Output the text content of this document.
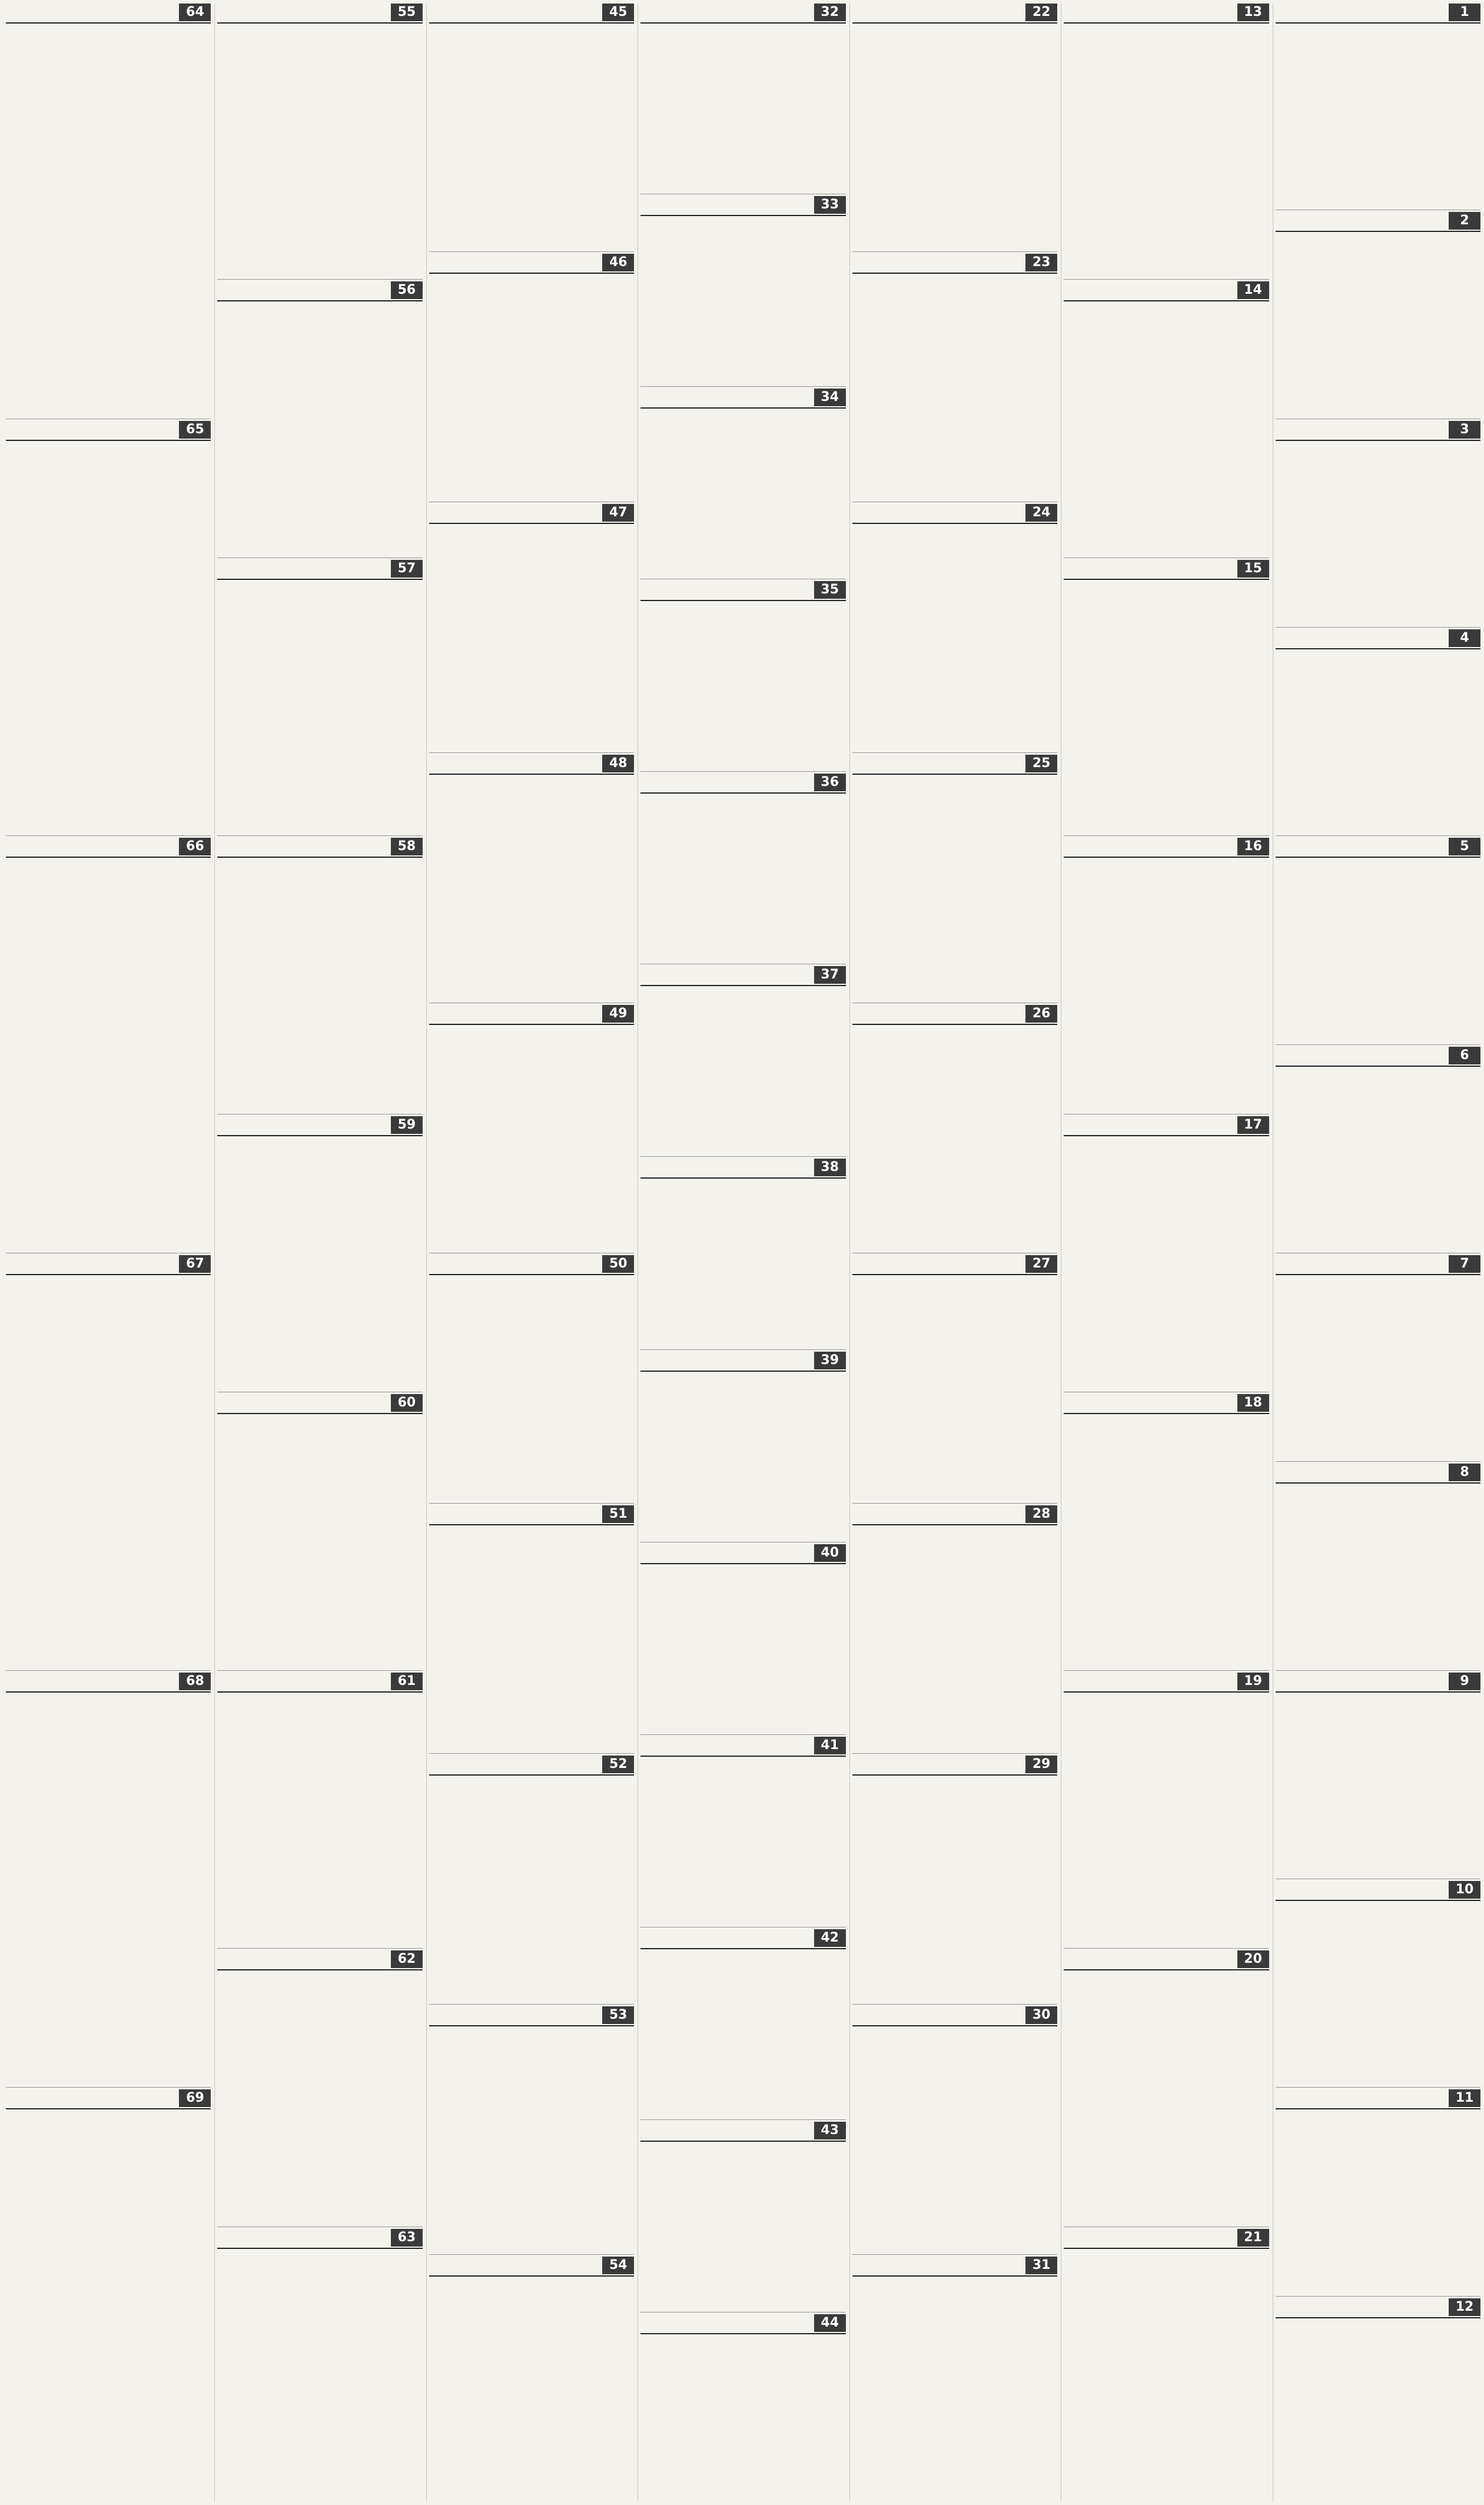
1
2
3
4
5
6
7
8
9
10
11
12
13
14
15
16
17
18
19
20
21
22
23
24
25
26
27
28
29
30
31
32
33
34
35
36
37
38
39
40
41
42
43
44
45
46
47
48
49
50
51
52
53
54
55
56
57
58
59
60
61
62
63
64
65
66
67
68
69
